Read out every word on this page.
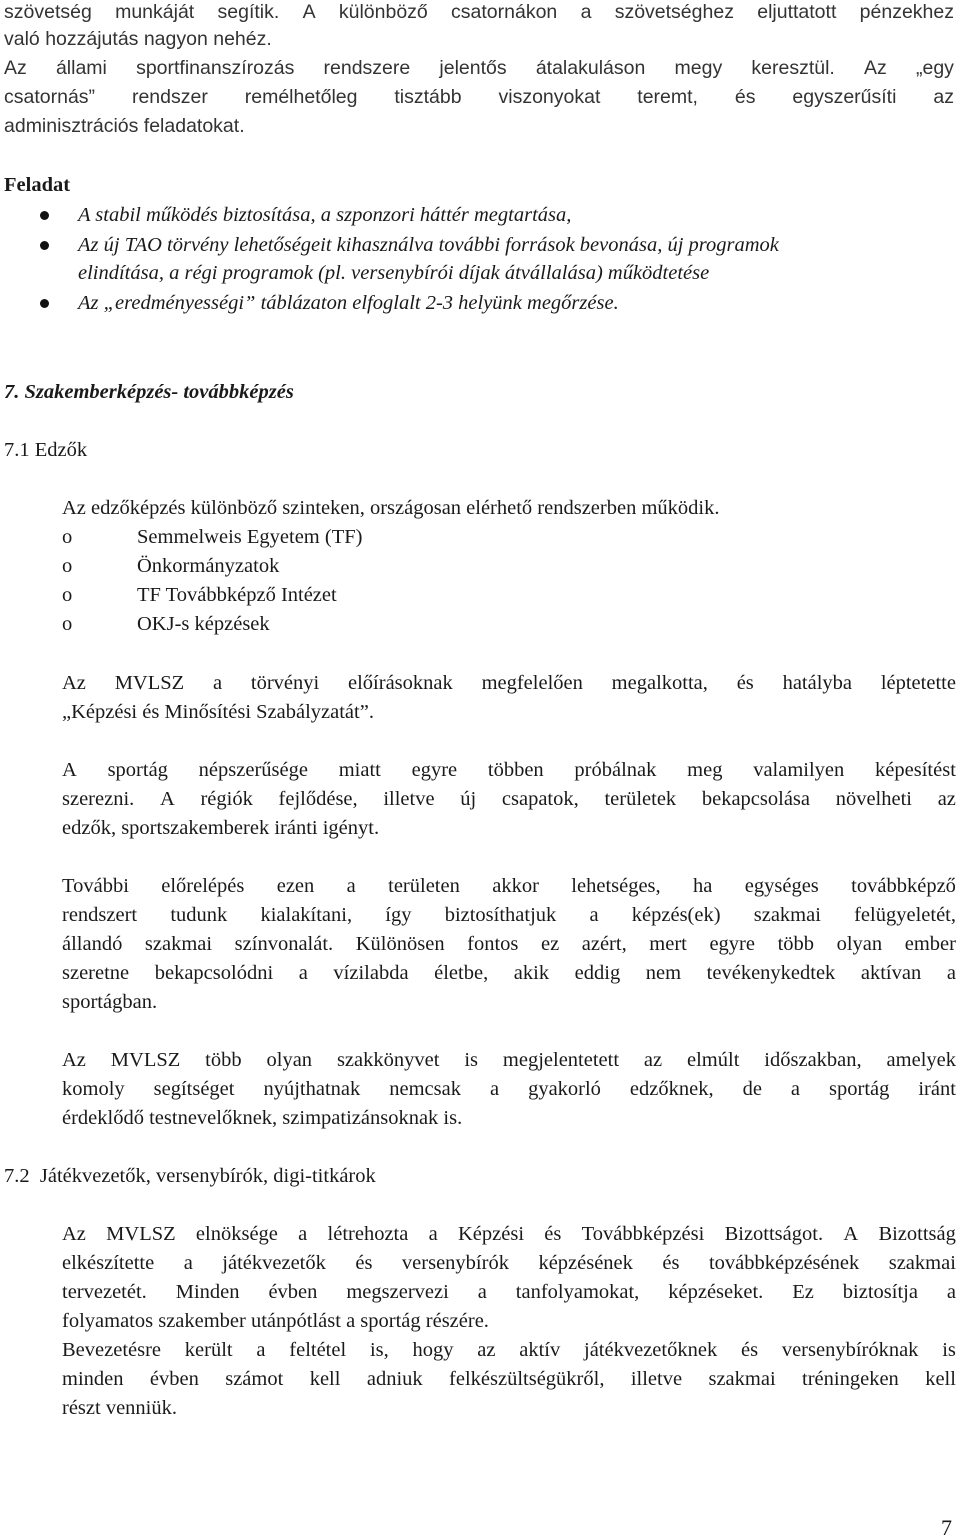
szövetség munkáját segítik. A különböző csatornákon a szövetséghez eljuttatott pénzekhez
való hozzájutás nagyon nehéz.
Az állami sportfinanszírozás rendszere jelentős átalakuláson megy keresztül. Az „egy
csatornás” rendszer remélhetőleg tisztább viszonyokat teremt, és egyszerűsíti az
adminisztrációs feladatokat.
Feladat
A stabil működés biztosítása, a szponzori háttér megtartása,
Az új TAO törvény lehetőségeit kihasználva további források bevonása, új programok
elindítása, a régi programok (pl. versenybírói díjak átvállalása) működtetése
Az „eredményességi” táblázaton elfoglalt 2-3 helyünk megőrzése.
7. Szakemberképzés- továbbképzés
7.1 Edzők
Az edzőképzés különböző szinteken, országosan elérhető rendszerben működik.
o	Semmelweis Egyetem (TF)
o	Önkormányzatok
o	TF Továbbképző Intézet
o	OKJ-s képzések
Az MVLSZ a törvényi előírásoknak megfelelően megalkotta, és hatályba léptetette
„Képzési és Minősítési Szabályzatát”.
A sportág népszerűsége miatt egyre többen próbálnak meg valamilyen képesítést
szerezni. A régiók fejlődése, illetve új csapatok, területek bekapcsolása növelheti az
edzők, sportszakemberek iránti igényt.
További előrelépés ezen a területen akkor lehetséges, ha egységes továbbképző
rendszert tudunk kialakítani, így biztosíthatjuk a képzés(ek) szakmai felügyeletét,
állandó szakmai színvonalát. Különösen fontos ez azért, mert egyre több olyan ember
szeretne bekapcsolódni a vízilabda életbe, akik eddig nem tevékenykedtek aktívan a
sportágban.
Az MVLSZ több olyan szakkönyvet is megjelentetett az elmúlt időszakban, amelyek
komoly segítséget nyújthatnak nemcsak a gyakorló edzőknek, de a sportág iránt
érdeklődő testnevelőknek, szimpatizánsoknak is.
7.2  Játékvezetők, versenybírók, digi-titkárok
Az MVLSZ elnöksége a létrehozta a Képzési és Továbbképzési Bizottságot. A Bizottság
elkészítette a játékvezetők és versenybírók képzésének és továbbképzésének szakmai
tervezetét. Minden évben megszervezi a tanfolyamokat, képzéseket. Ez biztosítja a
folyamatos szakember utánpótlást a sportág részére.
Bevezetésre került a feltétel is, hogy az aktív játékvezetőknek és versenybíróknak is
minden évben számot kell adniuk felkészültségükről, illetve szakmai tréningeken kell
részt venniük.
7
